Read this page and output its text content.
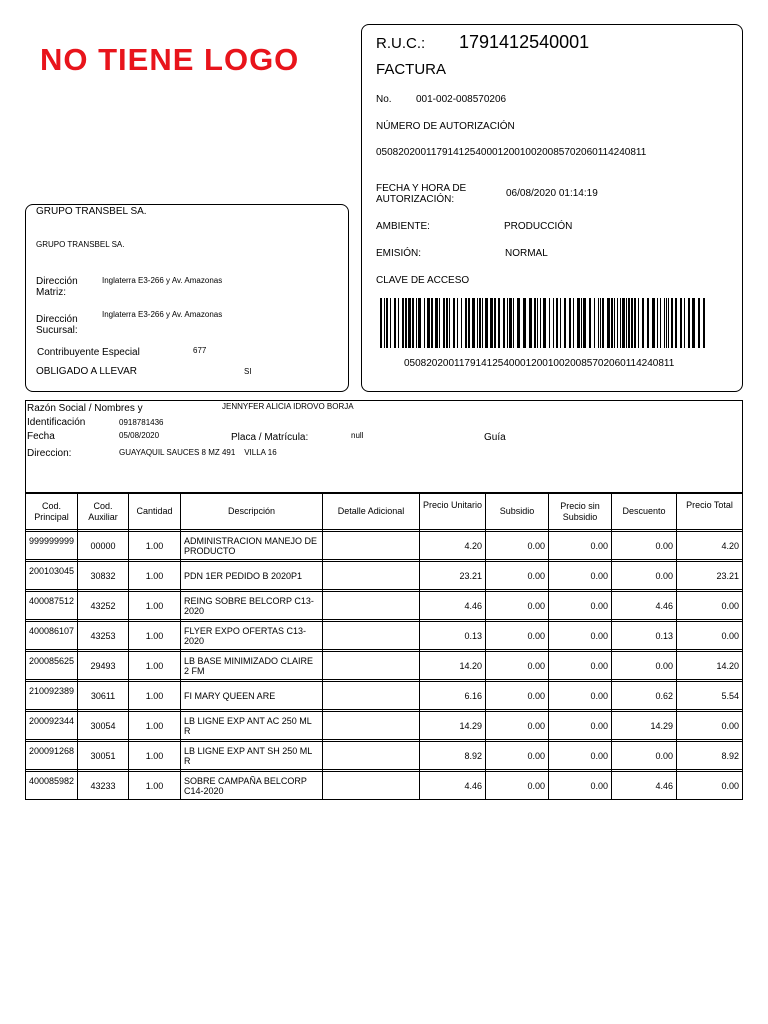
NO TIENE LOGO	R.U.C.: 1791412540001
FACTURA
No. 001-002-008570206
NÚMERO DE AUTORIZACIÓN
0508202001179141254000120010020085702060114240811
FECHA Y HORA DE
AUTORIZACIÓN:
06/08/2020 01:14:19
AMBIENTE:	PRODUCCIÓN
EMISIÓN:	NORMAL
CLAVE DE ACCESO
0508202001179141254000120010020085702060114240811
GRUPO TRANSBEL SA.
GRUPO TRANSBEL SA.
Dirección
Matriz:
Inglaterra E3-266 y Av. Amazonas
Dirección
Sucursal:
Inglaterra E3-266 y Av. Amazonas
Contribuyente Especial	677
OBLIGADO A LLEVAR	SI
Razón Social / Nombres y	JENNYFER ALICIA IDROVO BORJA
Identificación	0918781436
Fecha	05/08/2020	Placa / Matrícula:	null	Guía
Direccion:	GUAYAQUIL SAUCES 8 MZ 491    VILLA 16
Cod. Principal	Cod. Auxiliar	Cantidad	Descripción	Detalle Adicional	Precio Unitario	Subsidio	Precio sin Subsidio	Descuento	Precio Total

999999999	00000	1.00	ADMINISTRACION MANEJO DE PRODUCTO		4.20	0.00	0.00	0.00	4.20

200103045	30832	1.00	PDN 1ER PEDIDO B 2020P1		23.21	0.00	0.00	0.00	23.21

400087512	43252	1.00	REING SOBRE BELCORP C13-2020		4.46	0.00	0.00	4.46	0.00

400086107	43253	1.00	FLYER EXPO OFERTAS C13-2020		0.13	0.00	0.00	0.13	0.00

200085625	29493	1.00	LB BASE MINIMIZADO CLAIRE 2 FM		14.20	0.00	0.00	0.00	14.20

210092389	30611	1.00	FI MARY QUEEN ARE		6.16	0.00	0.00	0.62	5.54

200092344	30054	1.00	LB LIGNE EXP ANT AC 250 ML R		14.29	0.00	0.00	14.29	0.00

200091268	30051	1.00	LB LIGNE EXP ANT SH 250 ML R		8.92	0.00	0.00	0.00	8.92

400085982	43233	1.00	SOBRE CAMPAÑA BELCORP C14-2020		4.46	0.00	0.00	4.46	0.00
